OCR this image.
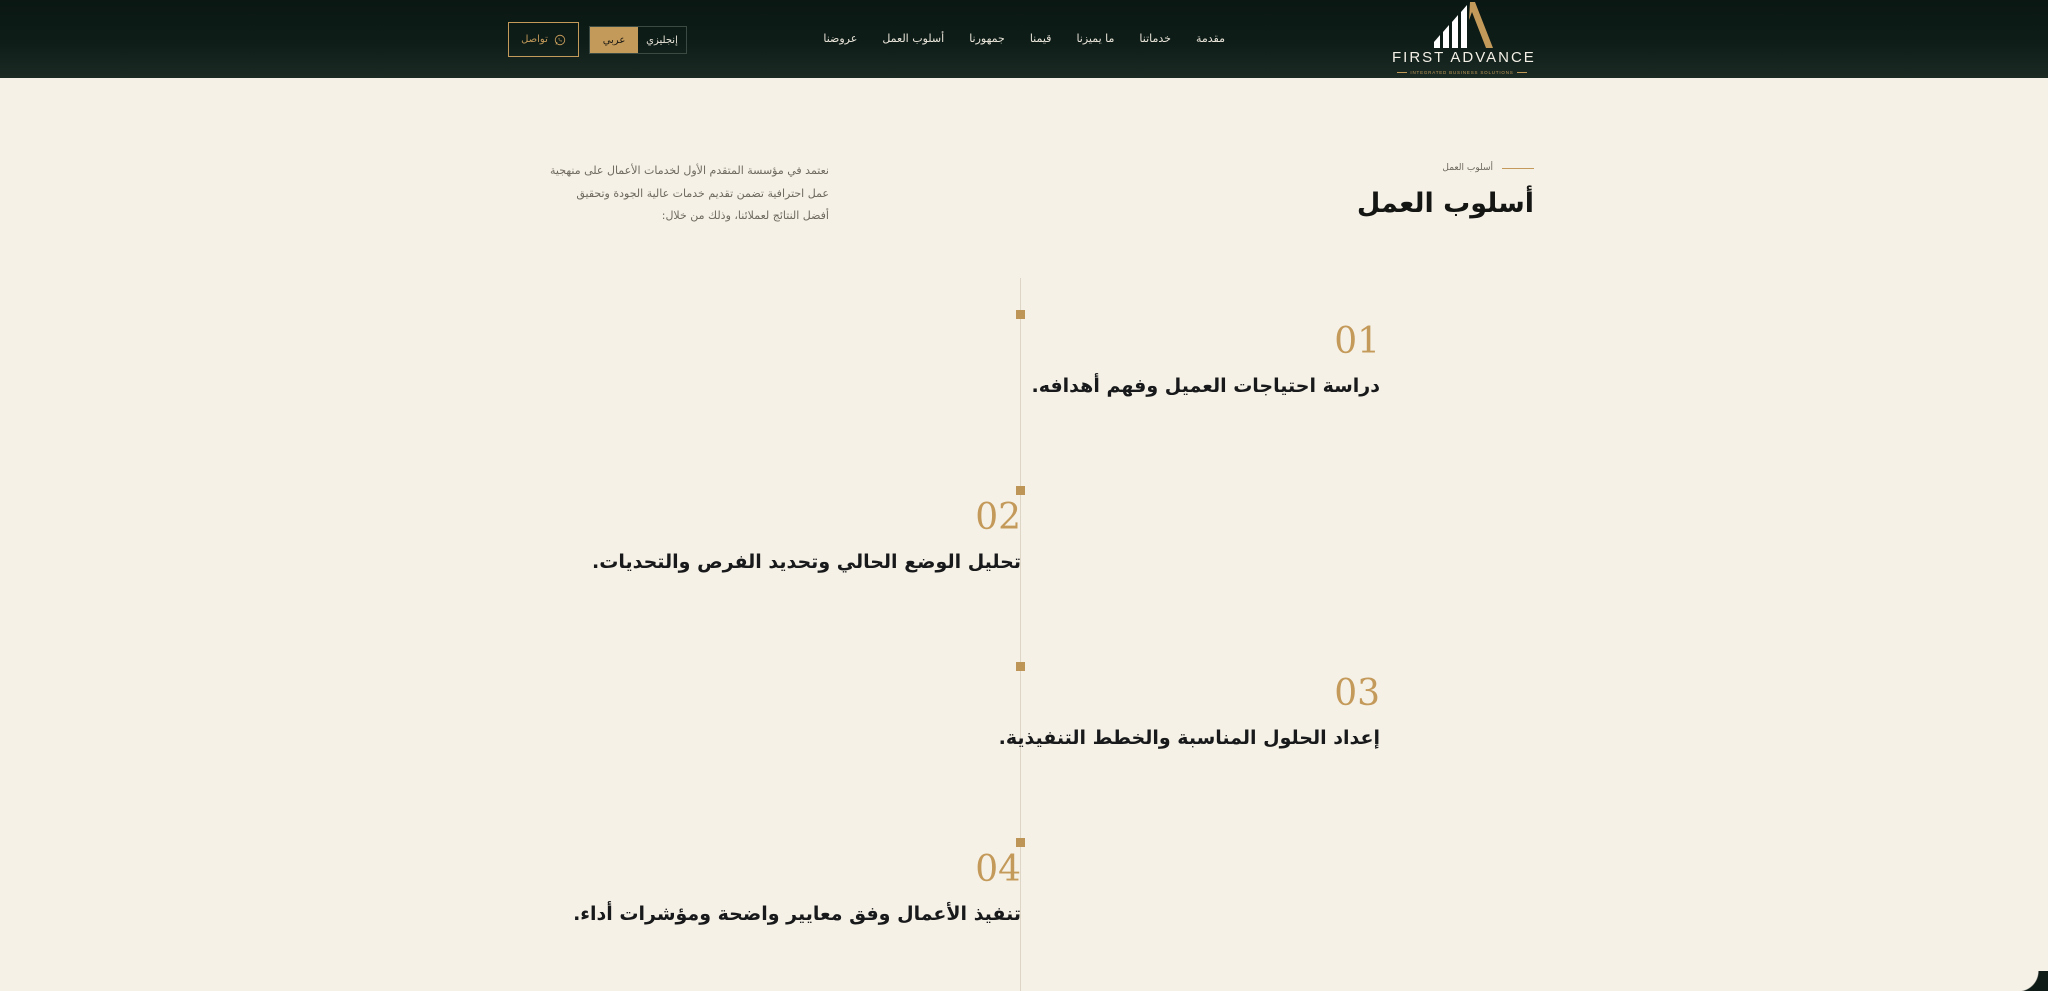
FIRST ADVANCE
INTEGRATED BUSINESS SOLUTIONS
مقدمة
خدماتنا
ما يميزنا
قيمنا
جمهورنا
أسلوب العمل
عروضنا
عربي	إنجليزي
تواصل
أسلوب العمل
أسلوب العمل

نعتمد في مؤسسة المتقدم الأول لخدمات الأعمال على منهجية عمل احترافية تضمن تقديم خدمات عالية الجودة وتحقيق أفضل النتائج لعملائنا، وذلك من خلال:

01
دراسة احتياجات العميل وفهم أهدافه.
02
تحليل الوضع الحالي وتحديد الفرص والتحديات.
03
إعداد الحلول المناسبة والخطط التنفيذية.
04
تنفيذ الأعمال وفق معايير واضحة ومؤشرات أداء.
